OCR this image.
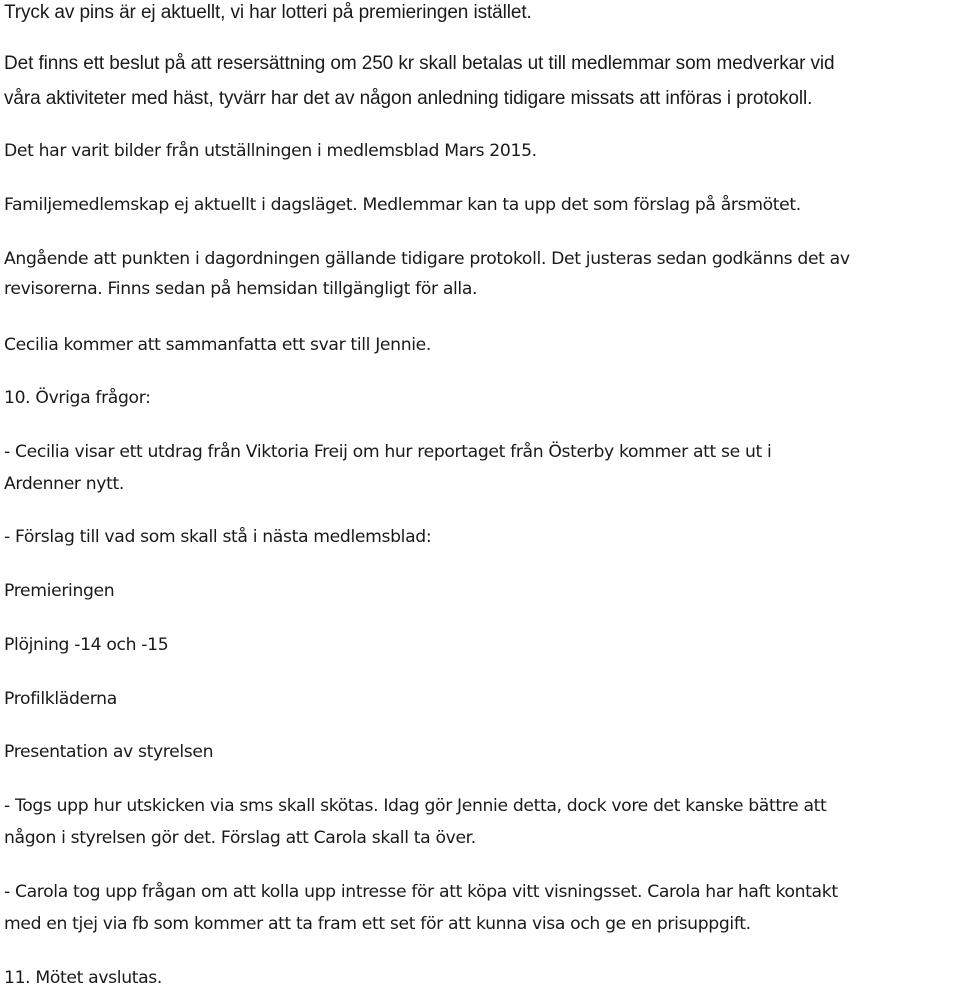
Tryck av pins är ej aktuellt, vi har lotteri på premieringen istället.

Det finns ett beslut på att resersättning om 250 kr skall betalas ut till medlemmar som medverkar vid
våra aktiviteter med häst, tyvärr har det av någon anledning tidigare missats att införas i protokoll.

Det har varit bilder från utställningen i medlemsblad Mars 2015.

Familjemedlemskap ej aktuellt i dagsläget. Medlemmar kan ta upp det som förslag på årsmötet.

Angående att punkten i dagordningen gällande tidigare protokoll. Det justeras sedan godkänns det av
revisorerna. Finns sedan på hemsidan tillgängligt för alla.

Cecilia kommer att sammanfatta ett svar till Jennie.

10. Övriga frågor:

- Cecilia visar ett utdrag från Viktoria Freij om hur reportaget från Österby kommer att se ut i
Ardenner nytt.

- Förslag till vad som skall stå i nästa medlemsblad:

Premieringen

Plöjning -14 och -15

Profilkläderna

Presentation av styrelsen

- Togs upp hur utskicken via sms skall skötas. Idag gör Jennie detta, dock vore det kanske bättre att
någon i styrelsen gör det. Förslag att Carola skall ta över.

- Carola tog upp frågan om att kolla upp intresse för att köpa vitt visningsset. Carola har haft kontakt
med en tjej via fb som kommer att ta fram ett set för att kunna visa och ge en prisuppgift.

11. Mötet avslutas.
